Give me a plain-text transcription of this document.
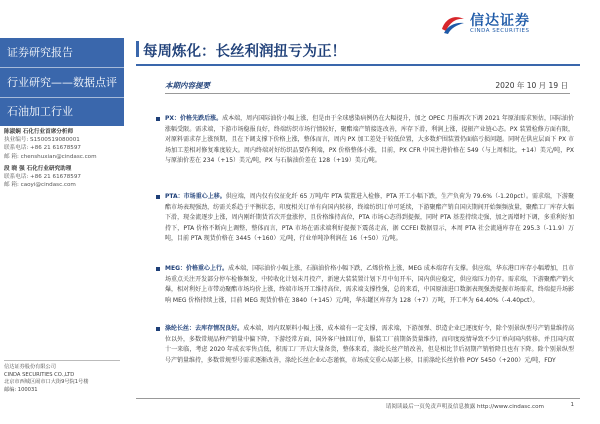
信达证券
CINDA SECURITIES
证券研究报告
行业研究——数据点评
石油加工行业
陈淑娴 石化行业首席分析师
执业编号: S1500519080001
联系电话: +86 21 61678597
邮 箱: chenshuxian@cindasc.com
段 晓 强 石化行业研究助理
联系电话: +86 21 61678597
邮 箱: caoyi@cindasc.com
信达证券股份有限公司
CINDA SECURITIES CO.,LTD
北京市西城区闹市口大街9号院1号楼
邮编: 100031
每周炼化：长丝利润扭亏为正！
本期内容提要	2020 年 10 月 19 日
PX：价格先跌后涨。成本端，周内国际油价小幅上涨，但是由于全球感染病例仍在大幅提升，加之 OPEC 月报再次下调 2021 年原油需求预估，国际油价涨幅受限。需求端，下游市场稳报良好，终端纺织市场行情较好，聚酯端产销接连改善，库存下滑，利润上涨，提振产业链心态。PX 装置检修方面有限，对原料需求存上涨预期，且在下调支撑下价格上涨，整体而言，周内 PX 加工差处于较低位置，大多数炉围装置仍面临亏损问题。同时在供应层面下 PX 市场加工差相对修复难度较大。周内终端对好纺织品要作利端，PX 价格整体小涨，目前，PX CFR 中国主港价格在 549（与上周相比，+14）美元/吨，PX 与原油价差在 234（+15）美元/吨，PX 与石脑油价差在 128（+19）美元/吨。
PTA：市场重心上移。供应端，周内仅有仪征化纤 65 万吨/年 PTA 装置进入检修，PTA 开工小幅下跌，生产负荷为 79.6%（-1.20pct）。需求端，下游聚酯市场表现强劲，纺需关系趋于平衡状态，印度相关订单有向国内转移，终端纺织订单可延续，下游聚酯产销自国庆期间开始频频放量，聚酯工厂库存大幅下滑，现金流逐步上涨，周内刚纤期货首次开盘涨停，且价格维持高位，PTA 市场心态得到提振，同时 PTA 基差持续走强，加之需增时下调，多重利好加持下，PTA 价格不断向上调整，整体而言，PTA 市场在需求端利好提振下震荡走高，据 CCFEI 数据显示，本周 PTA 社会流通库存在 295.3（-11.9）万吨，目前 PTA 现货价格在 3445（+160）元/吨，行业单吨净利润在 16（+50）元/吨。
MEG：价格重心上行。成本端，国际油价小幅上涨，石脑油价格小幅下跌，乙烯价格上涨，MEG 成本端存有支撑。供应端，华东港口库存小幅增加，且市场重点关注开发部分停车检修频发，中转收化计划未月投产，新建大装装置计划下月中旬开车，国内供应稳定，供应端压力仍存。需求端，下游聚酯产销火爆，相对利好上市带动聚酯市场均价上涨，终端市场开工维持高位，需求端支撑性强，总的来看，中国原油进口数据表现强劲提振市场需求，终端提升场影响 MEG 价格持续上涨，目前 MEG 现货价格在 3840（+145）元/吨，华东罐区库存为 128（+7）万吨，开工率为 64.40%（-4.40pct）。
涤纶长丝：去库存情况良好。成本端，周内双原料小幅上涨，成本端有一定支撑，需求端，下游加弹、织造企业已逐度好令，除个别景纵型号产销量维持高位以外，多数常规品种产销量中偏下降，下游经常方面，国外客户抽回订单，服装工厂前期备货量维持，而印度疫情导致不少订单向国内转移。并且国内双十一来临，考虑 2020 年成衣零售点低，积需工厂开启大量备货，整体来看，涤纶长丝产销改善，但是相比节后初期产销暂降且也有下降。除个别景纵型号产销量维持，多数常规型号需求逐渐改善，涤纶长丝企业心态谨慎，市场成交重心局部上移，目前涤纶长丝价格 POY 5450（+200）元/吨，FDY
请阅读最后一页免责声明及信息披露 http://www.cindasc.com	1
